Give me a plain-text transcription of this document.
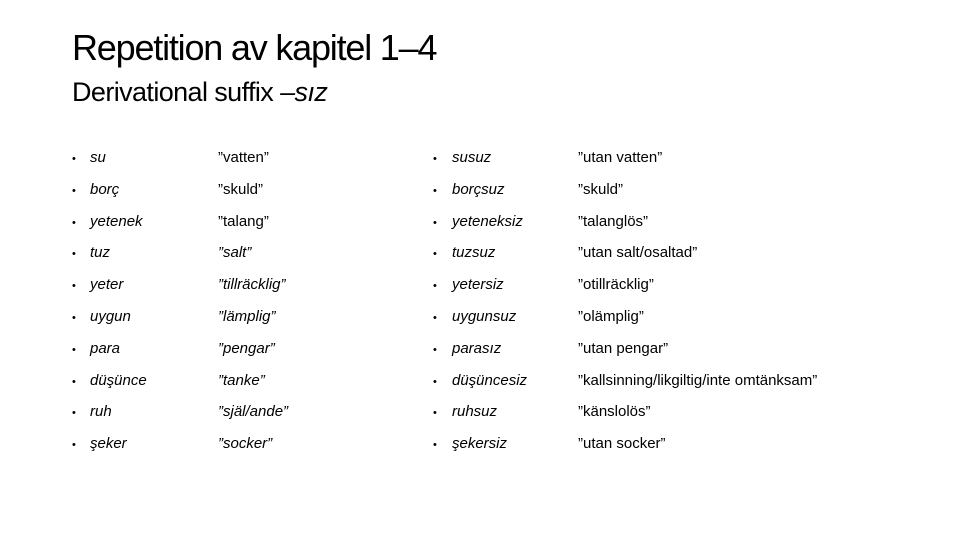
Repetition av kapitel 1–4
Derivational suffix –sız
• su	”vatten”	• susuz	”utan vatten”
• borç	”skuld”	• borçsuz	”skuld”
• yetenek	”talang”	• yeteneksiz	”talanglös”
• tuz	”salt”	• tuzsuz	”utan salt/osaltad”
• yeter	”tillräcklig”	• yetersiz	”otillräcklig”
• uygun	”lämplig”	• uygunsuz	”olämplig”
• para	”pengar”	• parasız	”utan pengar”
• düşünce	”tanke”	• düşüncesiz	”kallsinning/likgiltig/inte omtänksam”
• ruh	”själ/ande”	• ruhsuz	”känslolös”
• şeker	”socker”	• şekersiz	”utan socker”
